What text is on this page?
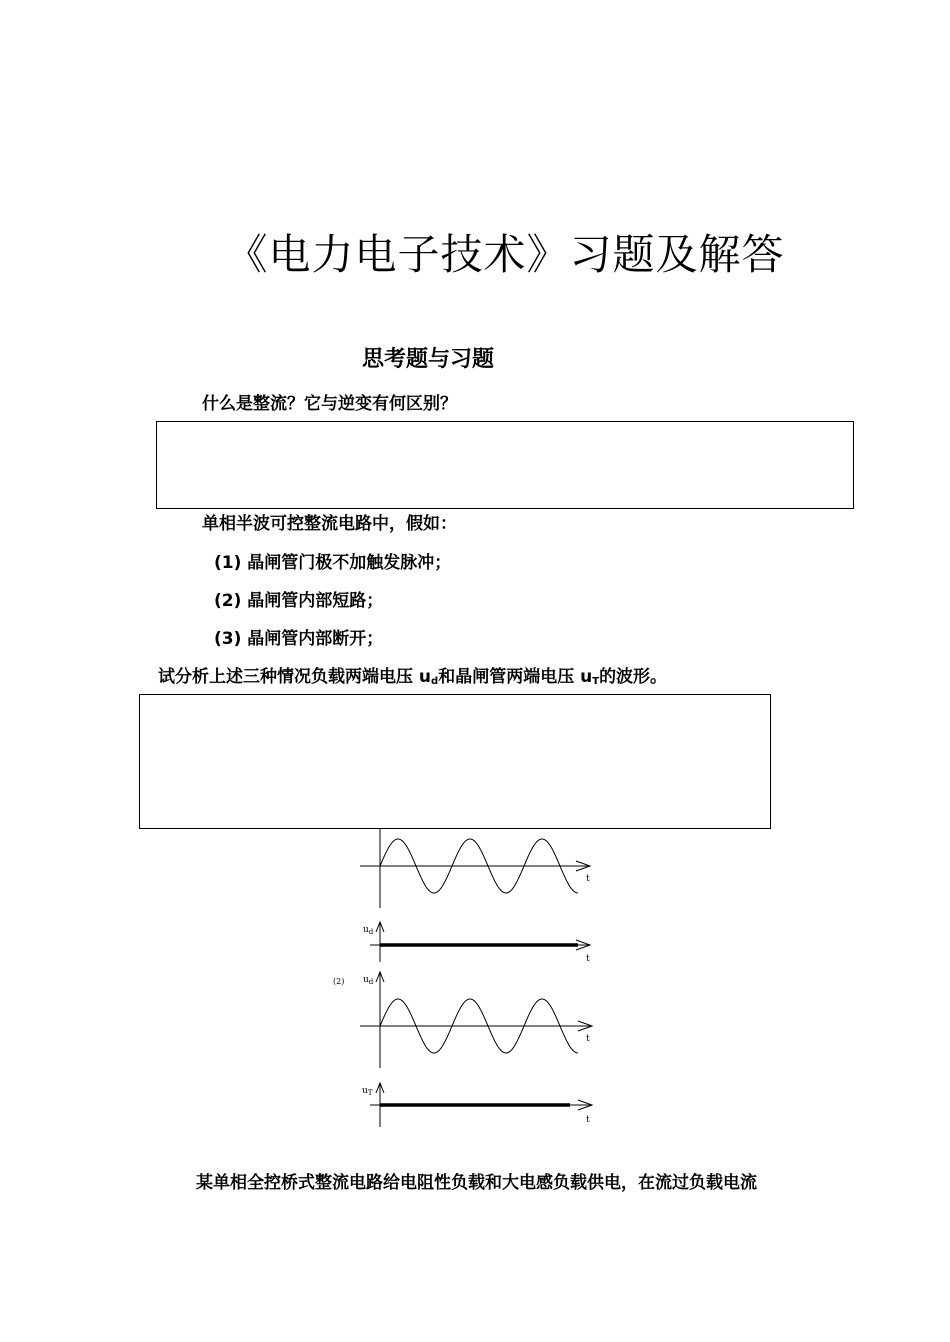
《电力电子技术》习题及解答
思考题与习题
什么是整流？它与逆变有何区别？
单相半波可控整流电路中，假如：
(1) 晶闸管门极不加触发脉冲；
(2) 晶闸管内部短路；
(3) 晶闸管内部断开；
试分析上述三种情况负载两端电压 $u_d$和晶闸管两端电压 $u_T$的波形。
t
$u_d$
t
(2) $u_d$
t
$u_T$
t
某单相全控桥式整流电路给电阻性负载和大电感负载供电，在流过负载电流
